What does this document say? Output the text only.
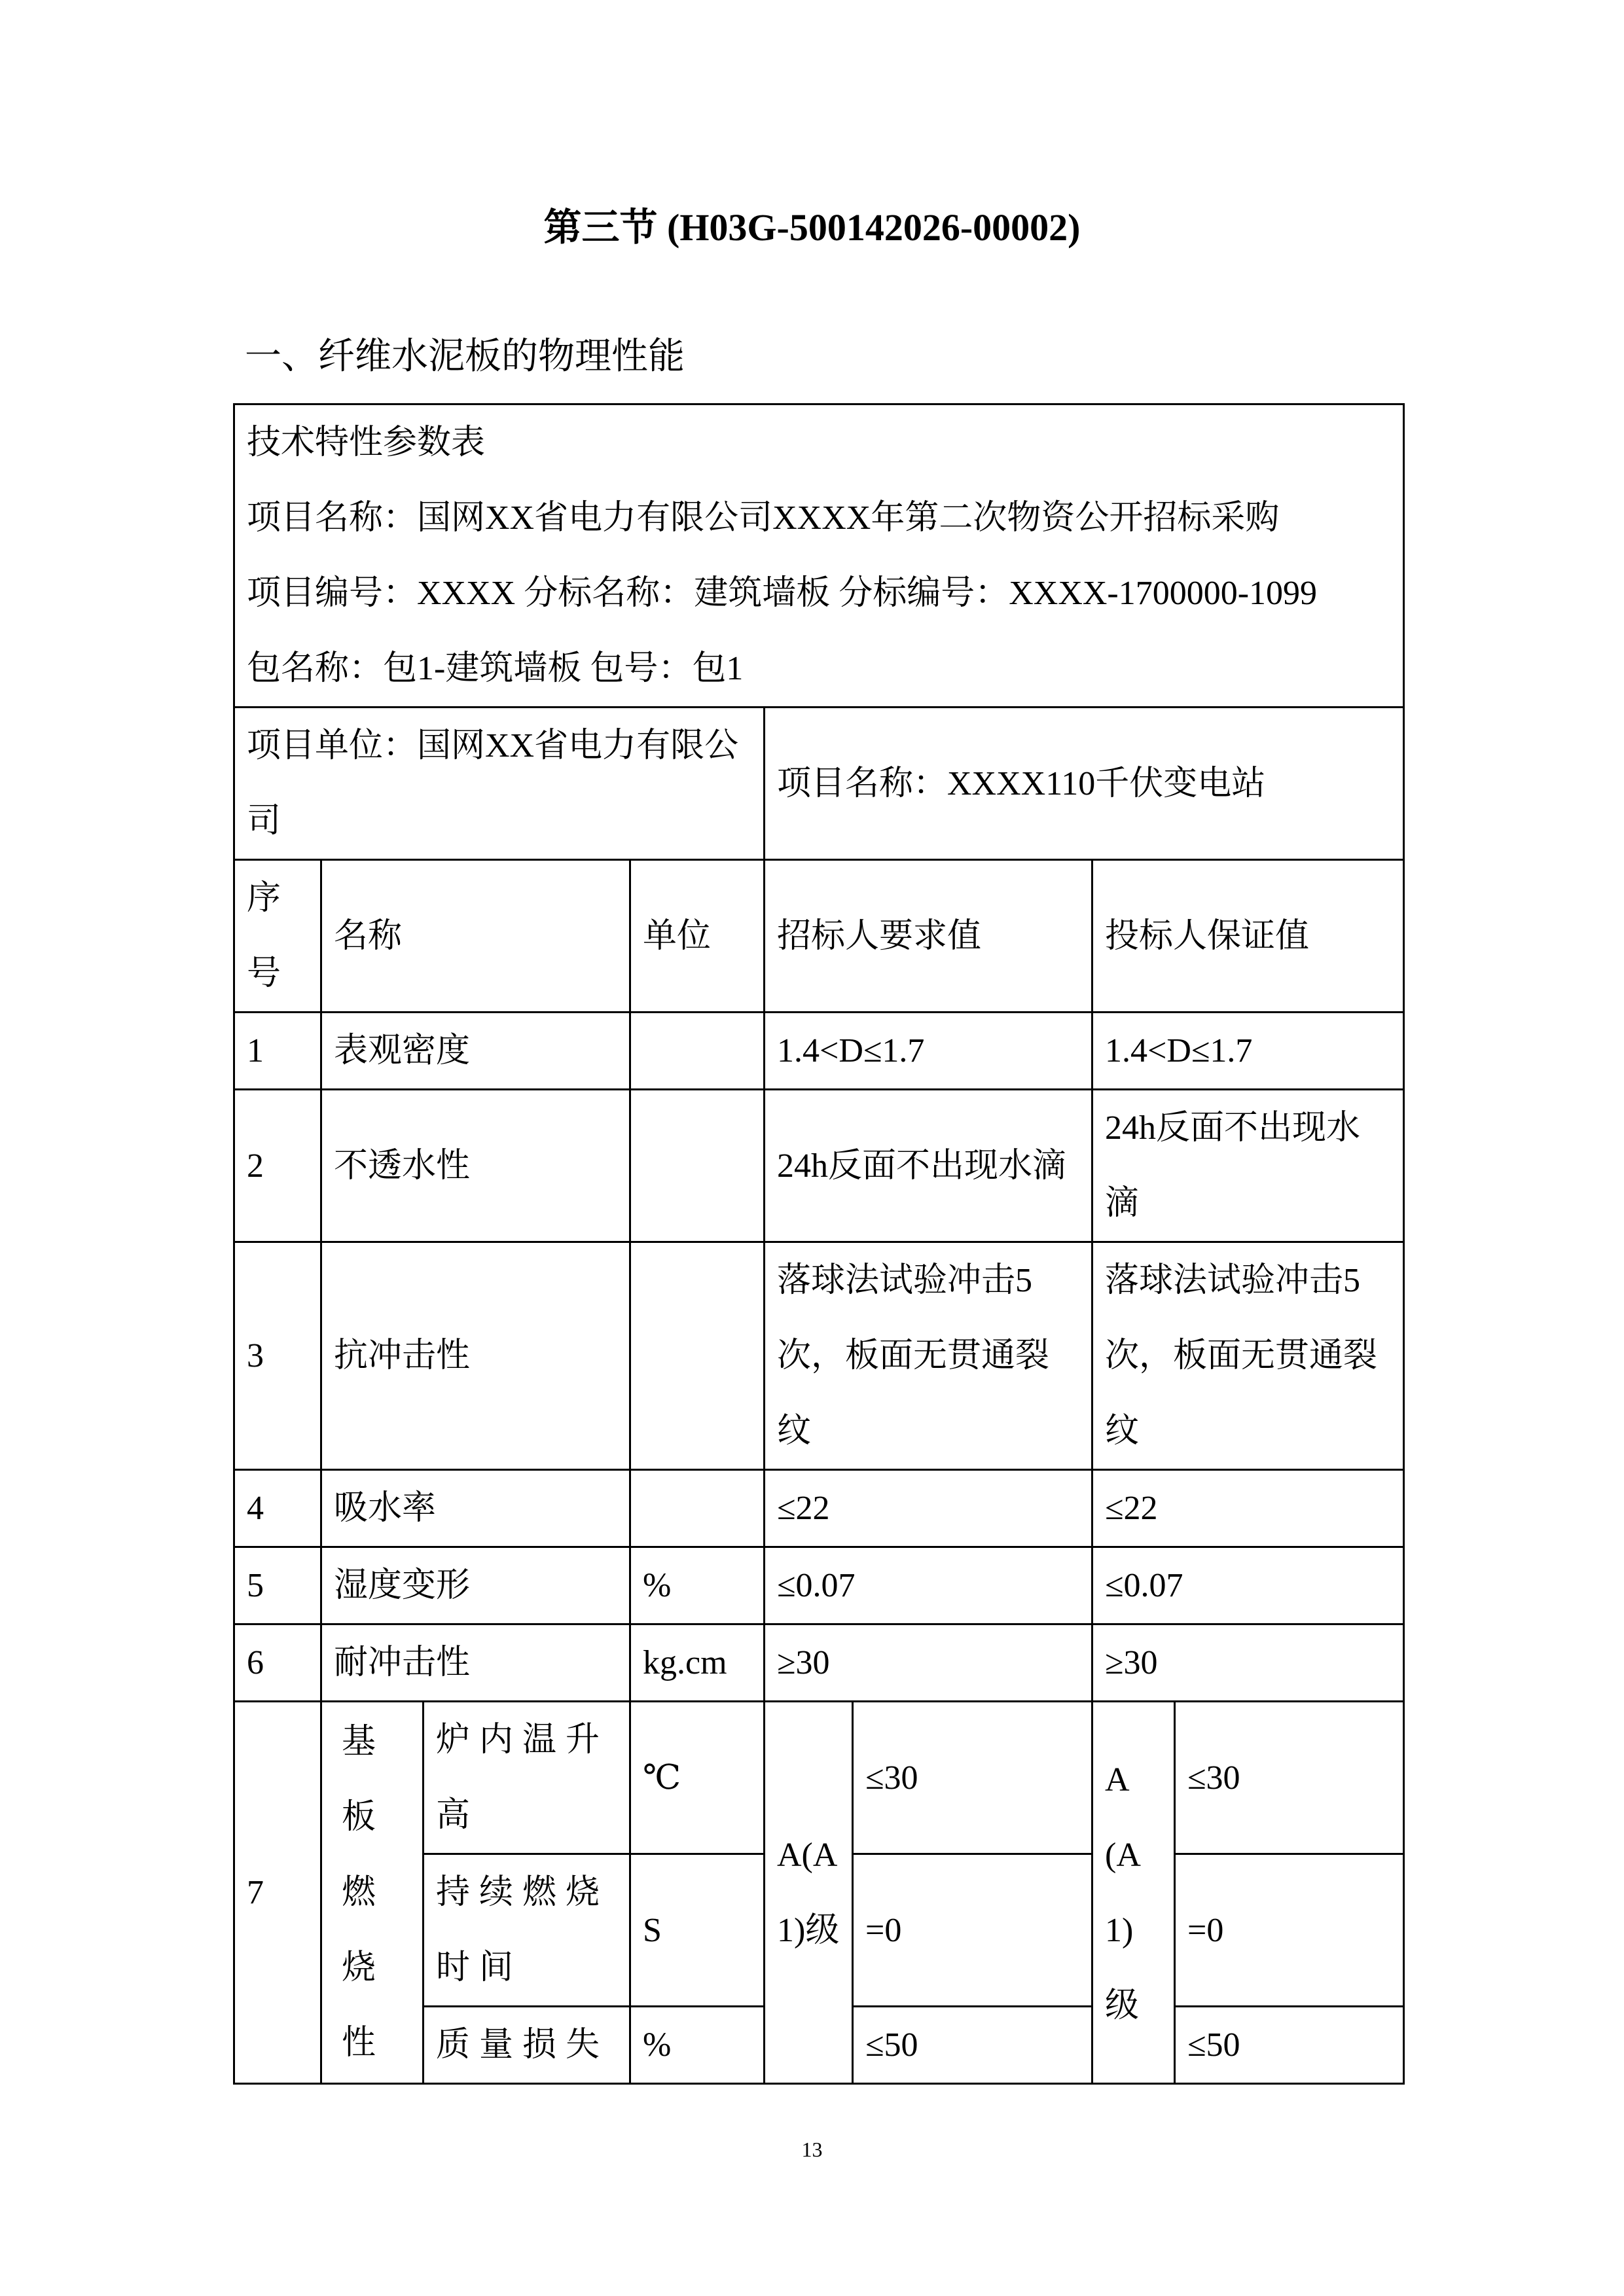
第三节 (H03G-500142026-00002)
一、纤维水泥板的物理性能
技术特性参数表
项目名称：国网XX省电力有限公司XXXX年第二次物资公开招标采购
项目编号：XXXX 分标名称：建筑墙板 分标编号：XXXX-1700000-1099
包名称：包1-建筑墙板 包号：包1							

项目单位：国网XX省电力有限公司				项目名称：XXXX110千伏变电站			
序号	名称		单位	招标人要求值		投标人保证值	
1	表观密度			1.4<D≤1.7		1.4<D≤1.7	
2	不透水性			24h反面不出现水滴		24h反面不出现水滴	
3	抗冲击性			落球法试验冲击5次，板面无贯通裂纹		落球法试验冲击5次，板面无贯通裂纹	
4	吸水率			≤22		≤22	
5	湿度变形		%	≤0.07		≤0.07	
6	耐冲击性		kg.cm	≥30		≥30	
7	基板燃烧性	炉内温升高	℃	A(A1)级	≤30	A(A1)级	≤30
		持续燃烧时间	S		=0		=0
		质量损失	%		≤50		≤50
13
